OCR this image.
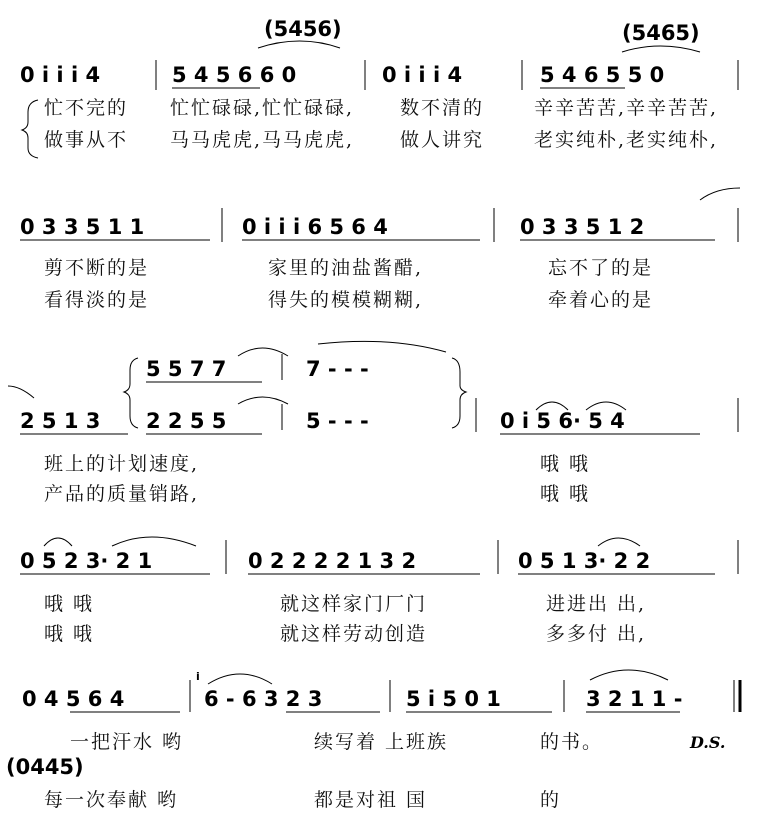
(5456)	(5465)
0 i i i 4	5 4 5 6 6 0	0 i i i 4	5 4 6 5 5 0
忙不完的 忙忙碌碌,忙忙碌碌, 数不清的	辛辛苦苦,辛辛苦苦,
做事从不 马马虎虎,马马虎虎, 做人讲究	老实纯朴,老实纯朴,
0 3 3 5 1 1	0 i i i 6 5 6 4	0 3 3 5 1 2
剪不断的是	家里的油盐酱醋,	忘不了的是
看得淡的是	得失的模模糊糊,	牵着心的是
2 5 1 3
5 5 7 7	7 - - -
2 2 5 5	5 - - -	0 i 5 6· 5 4
班上的计划速度,	哦 哦
产品的质量销路,	哦 哦
0 5 2 3· 2 1	0 2 2 2 2 1 3 2	0 5 1 3· 2 2
哦 哦	就这样家门厂门	进进出 出,
哦 哦	就这样劳动创造	多多付 出,
i
0 4 5 6 4	6 - 6 3 2 3	5 i 5 0 1	3 2 1 1 -
一把汗水 哟	续写着 上班族	的书。	D.S.
(0445)
每一次奉献 哟	都是对祖 国	的
